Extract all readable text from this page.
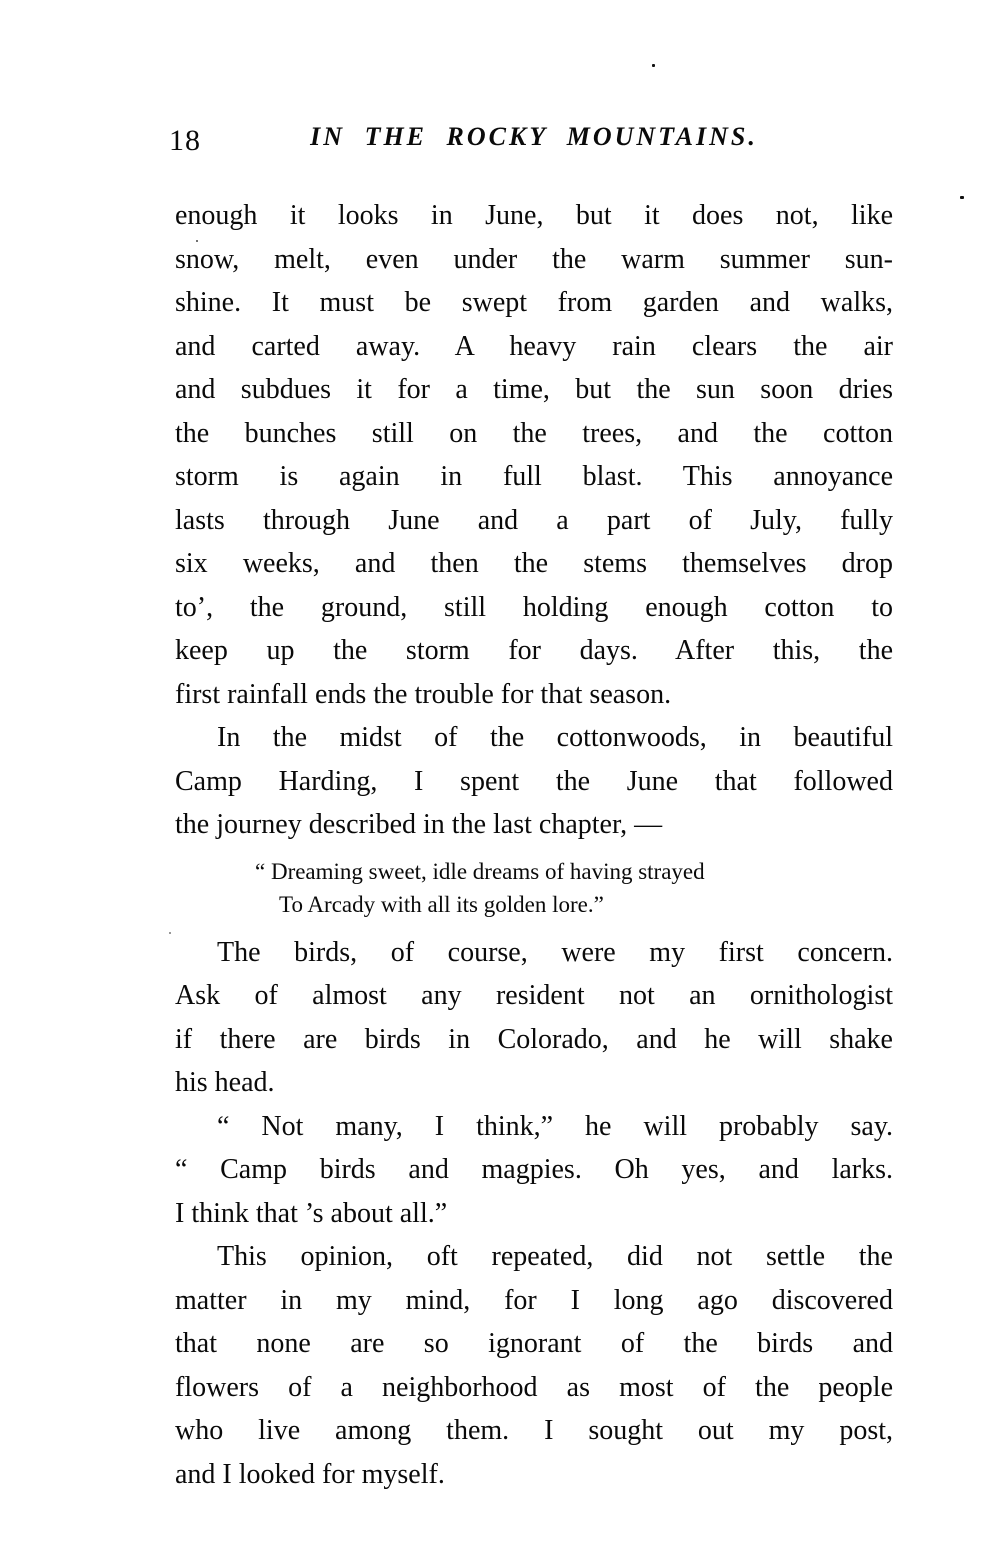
18	IN THE ROCKY MOUNTAINS.
enough it looks in June, but it does not, like
snow, melt, even under the warm summer sun-
shine. It must be swept from garden and walks,
and carted away. A heavy rain clears the air
and subdues it for a time, but the sun soon dries
the bunches still on the trees, and the cotton
storm is again in full blast. This annoyance
lasts through June and a part of July, fully
six weeks, and then the stems themselves drop
to’, the ground, still holding enough cotton to
keep up the storm for days. After this, the
first rainfall ends the trouble for that season.
In the midst of the cottonwoods, in beautiful
Camp Harding, I spent the June that followed
the journey described in the last chapter, —
“ Dreaming sweet, idle dreams of having strayed
To Arcady with all its golden lore.”
The birds, of course, were my first concern.
Ask of almost any resident not an ornithologist
if there are birds in Colorado, and he will shake
his head.
“ Not many, I think,” he will probably say.
“ Camp birds and magpies. Oh yes, and larks.
I think that ’s about all.”
This opinion, oft repeated, did not settle the
matter in my mind, for I long ago discovered
that none are so ignorant of the birds and
flowers of a neighborhood as most of the people
who live among them. I sought out my post,
and I looked for myself.
